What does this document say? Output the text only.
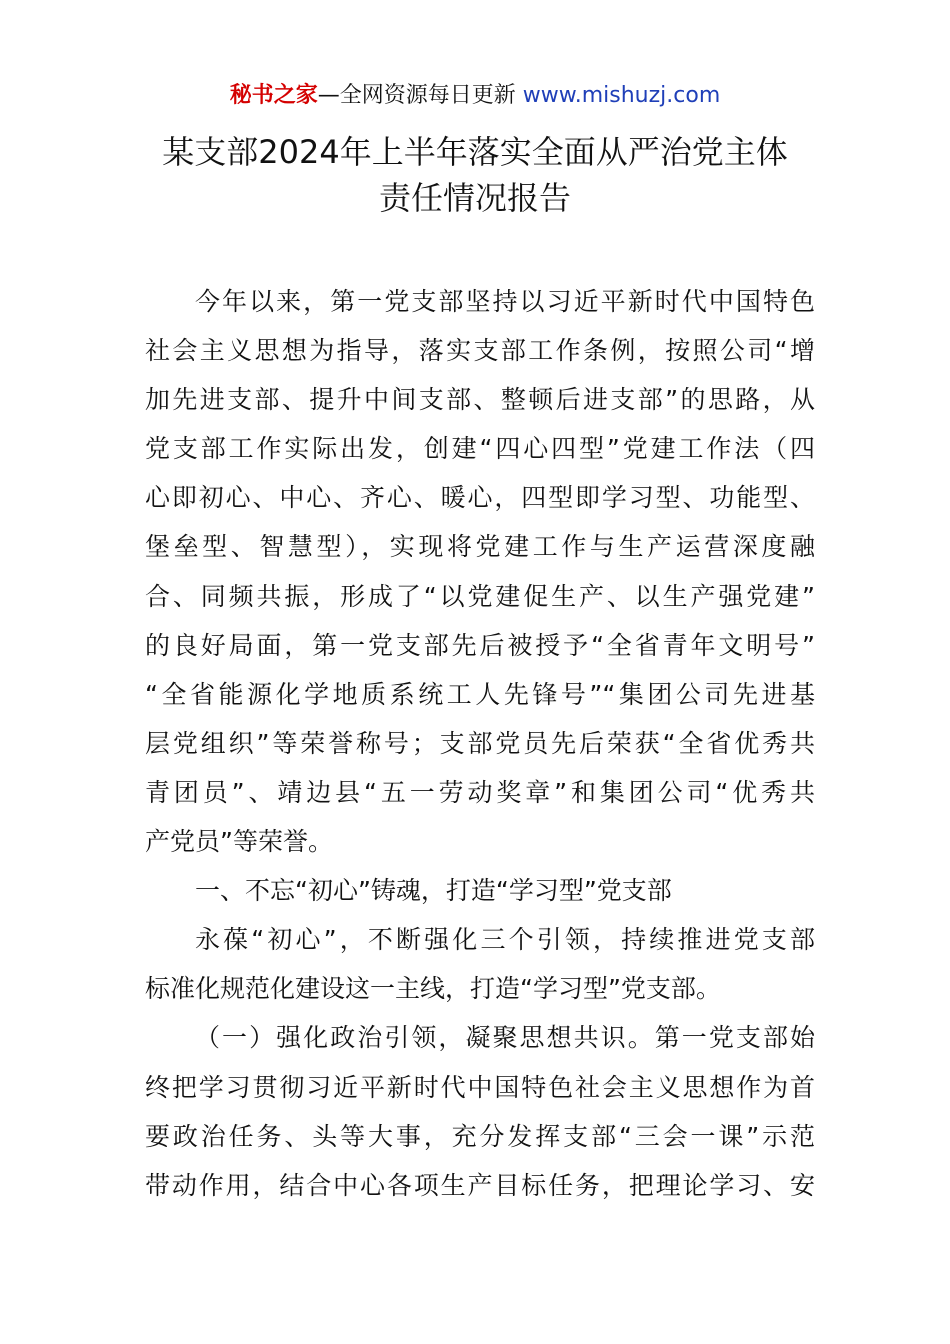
秘书之家—全网资源每日更新 www.mishuzj.com
某支部2024年上半年落实全面从严治党主体
责任情况报告
今年以来，第一党支部坚持以习近平新时代中国特色
社会主义思想为指导，落实支部工作条例，按照公司“增
加先进支部、提升中间支部、整顿后进支部”的思路，从
党支部工作实际出发，创建“四心四型”党建工作法（四
心即初心、中心、齐心、暖心，四型即学习型、功能型、
堡垒型、智慧型），实现将党建工作与生产运营深度融
合、同频共振，形成了“以党建促生产、以生产强党建”
的良好局面，第一党支部先后被授予“全省青年文明号”
“全省能源化学地质系统工人先锋号”“集团公司先进基
层党组织”等荣誉称号；支部党员先后荣获“全省优秀共
青团员”、靖边县“五一劳动奖章”和集团公司“优秀共
产党员”等荣誉。
一、不忘“初心”铸魂，打造“学习型”党支部
永葆“初心”，不断强化三个引领，持续推进党支部
标准化规范化建设这一主线，打造“学习型”党支部。
（一）强化政治引领，凝聚思想共识。第一党支部始
终把学习贯彻习近平新时代中国特色社会主义思想作为首
要政治任务、头等大事，充分发挥支部“三会一课”示范
带动作用，结合中心各项生产目标任务，把理论学习、安
